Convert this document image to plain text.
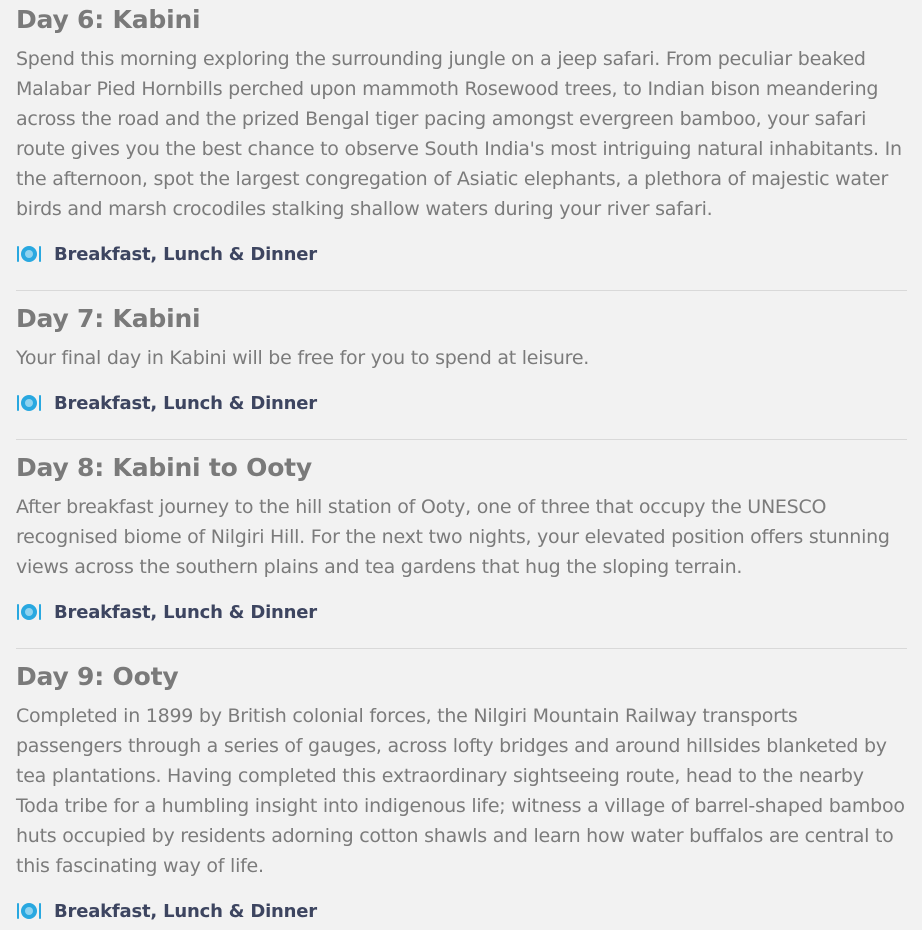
Day 6: Kabini

Spend this morning exploring the surrounding jungle on a jeep safari. From peculiar beaked Malabar Pied Hornbills perched upon mammoth Rosewood trees, to Indian bison meandering across the road and the prized Bengal tiger pacing amongst evergreen bamboo, your safari route gives you the best chance to observe South India's most intriguing natural inhabitants. In the afternoon, spot the largest congregation of Asiatic elephants, a plethora of majestic water birds and marsh crocodiles stalking shallow waters during your river safari.

Breakfast, Lunch & Dinner
Day 7: Kabini

Your final day in Kabini will be free for you to spend at leisure.

Breakfast, Lunch & Dinner
Day 8: Kabini to Ooty

After breakfast journey to the hill station of Ooty, one of three that occupy the UNESCO recognised biome of Nilgiri Hill. For the next two nights, your elevated position offers stunning views across the southern plains and tea gardens that hug the sloping terrain.

Breakfast, Lunch & Dinner
Day 9: Ooty

Completed in 1899 by British colonial forces, the Nilgiri Mountain Railway transports passengers through a series of gauges, across lofty bridges and around hillsides blanketed by tea plantations. Having completed this extraordinary sightseeing route, head to the nearby Toda tribe for a humbling insight into indigenous life; witness a village of barrel-shaped bamboo huts occupied by residents adorning cotton shawls and learn how water buffalos are central to this fascinating way of life.

Breakfast, Lunch & Dinner
